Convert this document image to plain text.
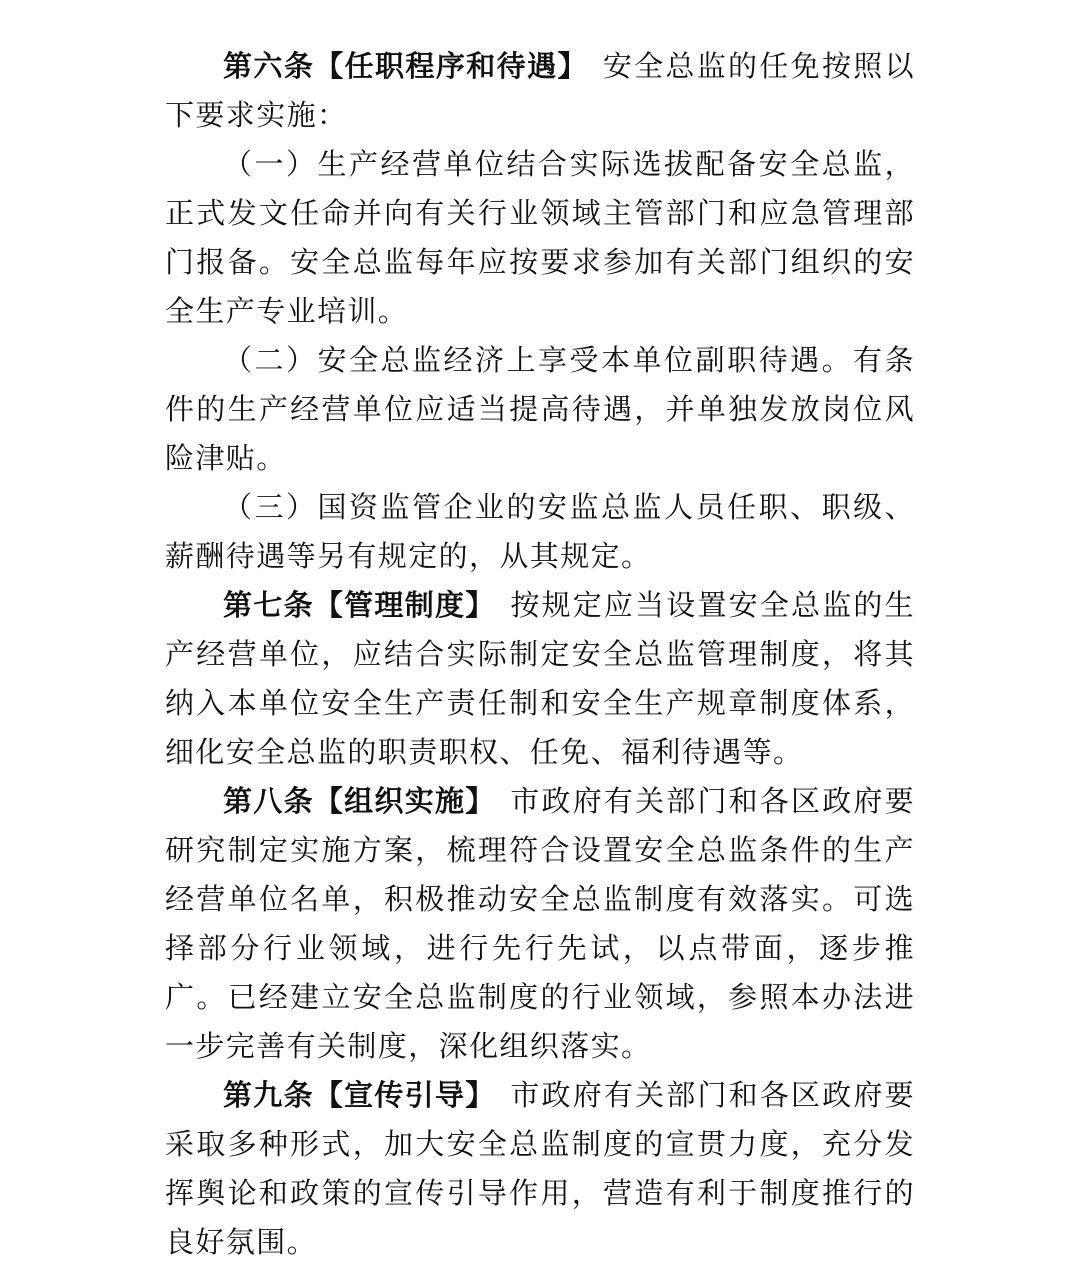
第六条【任职程序和待遇】 安全总监的任免按照以下要求实施：

（一）生产经营单位结合实际选拔配备安全总监，正式发文任命并向有关行业领域主管部门和应急管理部门报备。安全总监每年应按要求参加有关部门组织的安全生产专业培训。

（二）安全总监经济上享受本单位副职待遇。有条件的生产经营单位应适当提高待遇，并单独发放岗位风险津贴。

（三）国资监管企业的安监总监人员任职、职级、薪酬待遇等另有规定的，从其规定。

第七条【管理制度】 按规定应当设置安全总监的生产经营单位，应结合实际制定安全总监管理制度，将其纳入本单位安全生产责任制和安全生产规章制度体系，细化安全总监的职责职权、任免、福利待遇等。

第八条【组织实施】 市政府有关部门和各区政府要研究制定实施方案，梳理符合设置安全总监条件的生产经营单位名单，积极推动安全总监制度有效落实。可选择部分行业领域，进行先行先试，以点带面，逐步推广。已经建立安全总监制度的行业领域，参照本办法进一步完善有关制度，深化组织落实。

第九条【宣传引导】 市政府有关部门和各区政府要采取多种形式，加大安全总监制度的宣贯力度，充分发挥舆论和政策的宣传引导作用，营造有利于制度推行的良好氛围。
